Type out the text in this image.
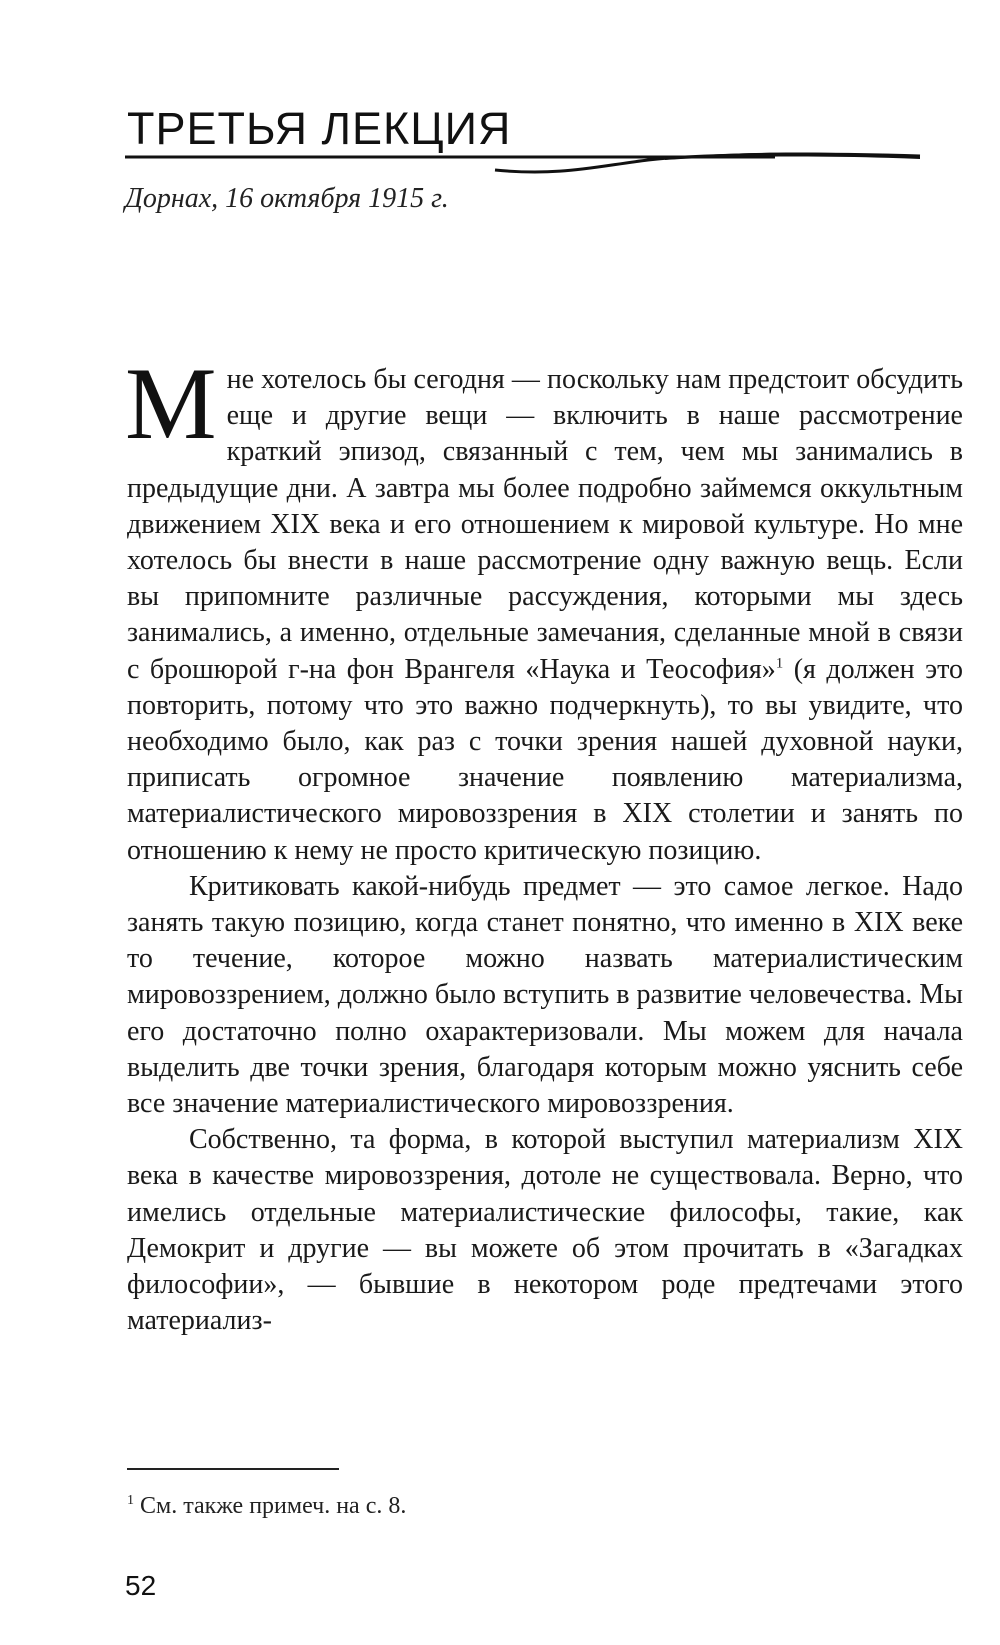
ТРЕТЬЯ ЛЕКЦИЯ
Дорнах, 16 октября 1915 г.

Мне хотелось бы сегодня — поскольку нам предстоит обсудить еще и другие вещи — включить в наше рассмотрение краткий эпизод, связанный с тем, чем мы занимались в предыдущие дни. А завтра мы более подробно займемся оккультным движением XIX века и его отношением к мировой культуре. Но мне хотелось бы внести в наше рассмотрение одну важную вещь. Если вы припомните различные рассуждения, которыми мы здесь занимались, а именно, отдельные замечания, сделанные мной в связи с брошюрой г-на фон Врангеля «Наука и Теософия»$^1$ (я должен это повторить, потому что это важно подчеркнуть), то вы увидите, что необходимо было, как раз с точки зрения нашей духовной науки, приписать огромное значение появлению материализма, материалистического мировоззрения в XIX столетии и занять по отношению к нему не просто критическую позицию.

Критиковать какой-нибудь предмет — это самое легкое. Надо занять такую позицию, когда станет понятно, что именно в XIX веке то течение, которое можно назвать материалистическим мировоззрением, должно было вступить в развитие человечества. Мы его достаточно полно охарактеризовали. Мы можем для начала выделить две точки зрения, благодаря которым можно уяснить себе все значение материалистического мировоззрения.

Собственно, та форма, в которой выступил материализм XIX века в качестве мировоззрения, дотоле не существовала. Верно, что имелись отдельные материалистические философы, такие, как Демокрит и другие — вы можете об этом прочитать в «Загадках философии», — бывшие в некотором роде предтечами этого материализ-

$^1$ См. также примеч. на с. 8.
52
